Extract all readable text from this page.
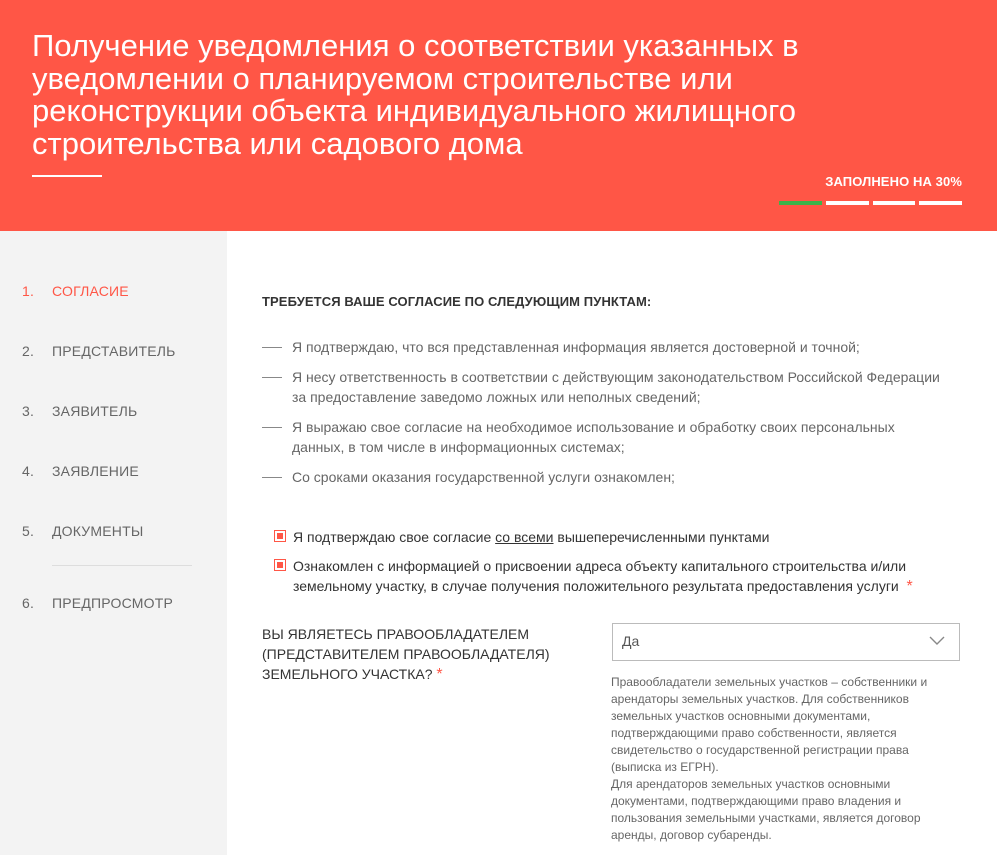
Получение уведомления о соответствии указанных в уведомлении о планируемом строительстве или реконструкции объекта индивидуального жилищного строительства или садового дома
ЗАПОЛНЕНО НА 30%
1.	СОГЛАСИЕ
2.	ПРЕДСТАВИТЕЛЬ
3.	ЗАЯВИТЕЛЬ
4.	ЗАЯВЛЕНИЕ
5.	ДОКУМЕНТЫ
6.	ПРЕДПРОСМОТР
ТРЕБУЕТСЯ ВАШЕ СОГЛАСИЕ ПО СЛЕДУЮЩИМ ПУНКТАМ:
Я подтверждаю, что вся представленная информация является достоверной и точной;
Я несу ответственность в соответствии с действующим законодательством Российской Федерации за предоставление заведомо ложных или неполных сведений;
Я выражаю свое согласие на необходимое использование и обработку своих персональных данных, в том числе в информационных системах;
Со сроками оказания государственной услуги ознакомлен;
Я подтверждаю свое согласие со всеми вышеперечисленными пунктами
Ознакомлен с информацией о присвоении адреса объекту капитального строительства и/или земельному участку, в случае получения положительного результата предоставления услуги *
ВЫ ЯВЛЯЕТЕСЬ ПРАВООБЛАДАТЕЛЕМ (ПРЕДСТАВИТЕЛЕМ ПРАВООБЛАДАТЕЛЯ) ЗЕМЕЛЬНОГО УЧАСТКА? *
Да

Правообладатели земельных участков – собственники и арендаторы земельных участков. Для собственников земельных участков основными документами, подтверждающими право собственности, является свидетельство о государственной регистрации права (выписка из ЕГРН).

Для арендаторов земельных участков основными документами, подтверждающими право владения и пользования земельными участками, является договор аренды, договор субаренды.
